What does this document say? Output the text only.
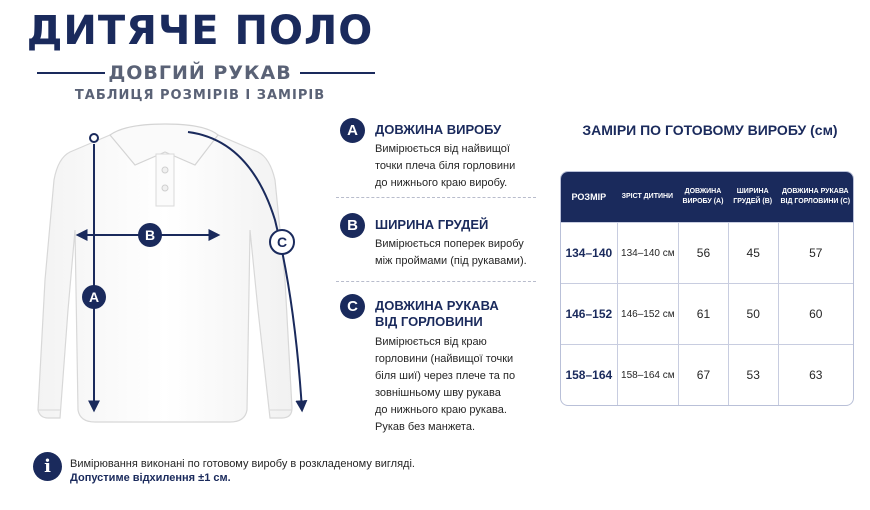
ДИТЯЧЕ ПОЛО
ДОВГИЙ РУКАВ
ТАБЛИЦЯ РОЗМІРІВ І ЗАМІРІВ
A
B	C
A	ДОВЖИНА ВИРОБУ
Вимірюється від найвищої
точки плеча біля горловини
до нижнього краю виробу.
B	ШИРИНА ГРУДЕЙ
Вимірюється поперек виробу
між проймами (під рукавами).
C	ДОВЖИНА РУКАВА ВІД ГОРЛОВИНИ
Вимірюється від краю
горловини (найвищої точки
біля шиї) через плече та по
зовнішньому шву рукава
до нижнього краю рукава.
Рукав без манжета.
ЗАМІРИ ПО ГОТОВОМУ ВИРОБУ (см)
РОЗМІР	ЗРІСТ ДИТИНИ	ДОВЖИНА ВИРОБУ (А)	ШИРИНА ГРУДЕЙ (В)	ДОВЖИНА РУКАВА ВІД ГОРЛОВИНИ (С)
134–140	134–140 см	56	45	57
146–152	146–152 см	61	50	60
158–164	158–164 см	67	53	63
i	Вимірювання виконані по готовому виробу в розкладеному вигляді.
Допустиме відхилення ±1 см.
